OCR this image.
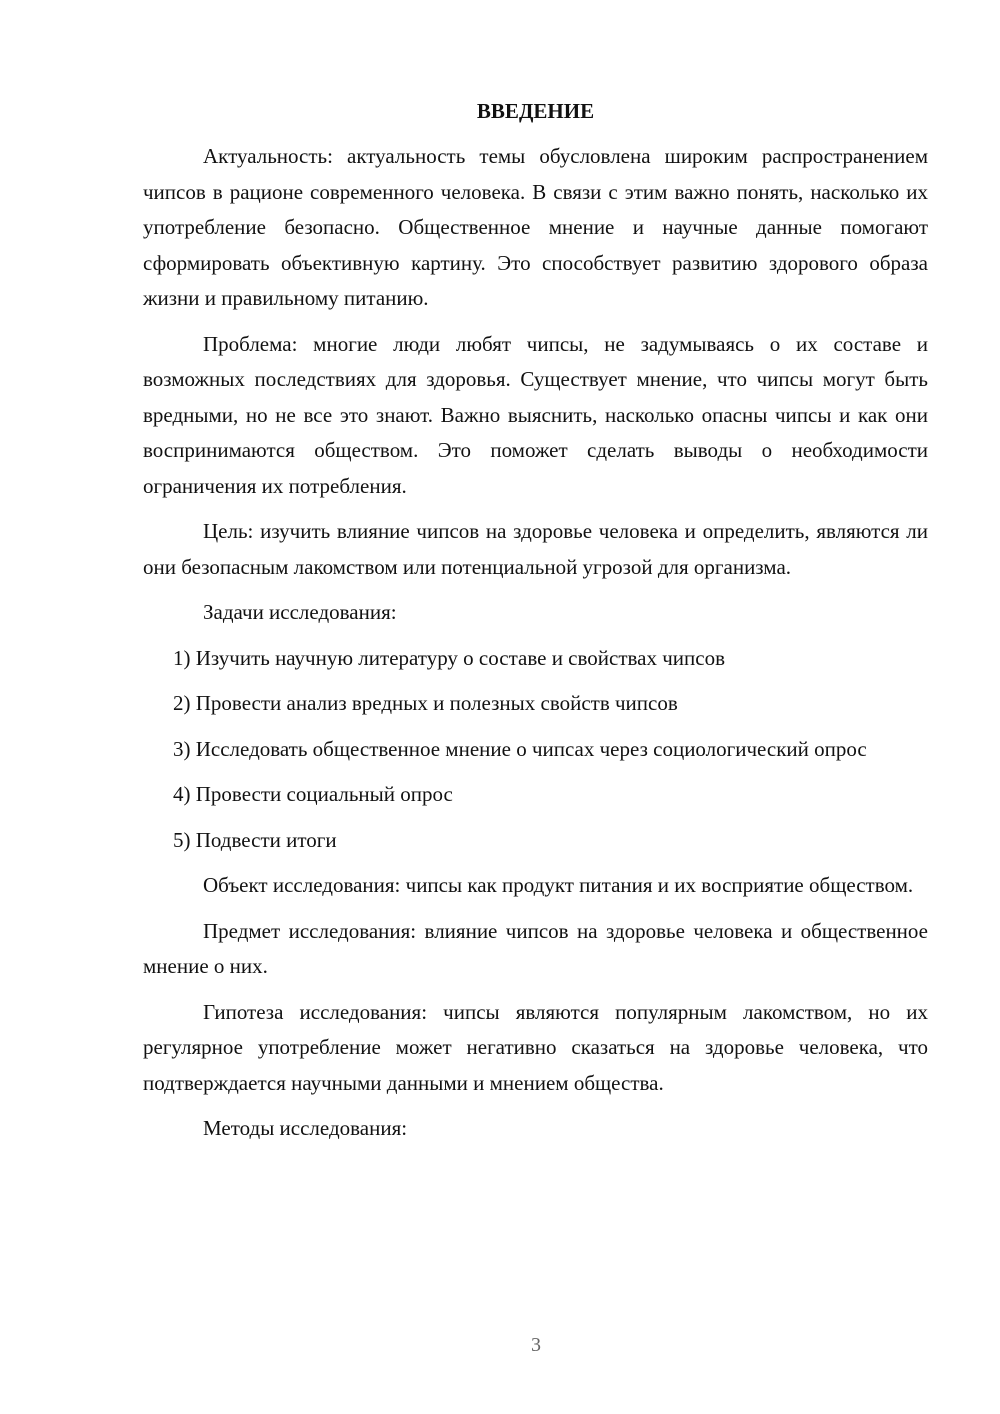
ВВЕДЕНИЕ

Актуальность: актуальность темы обусловлена широким распространением чипсов в рационе современного человека. В связи с этим важно понять, насколько их употребление безопасно. Общественное мнение и научные данные помогают сформировать объективную картину. Это способствует развитию здорового образа жизни и правильному питанию.

Проблема: многие люди любят чипсы, не задумываясь о их составе и возможных последствиях для здоровья. Существует мнение, что чипсы могут быть вредными, но не все это знают. Важно выяснить, насколько опасны чипсы и как они воспринимаются обществом. Это поможет сделать выводы о необходимости ограничения их потребления.

Цель: изучить влияние чипсов на здоровье человека и определить, являются ли они безопасным лакомством или потенциальной угрозой для организма.

Задачи исследования:

1) Изучить научную литературу о составе и свойствах чипсов

2) Провести анализ вредных и полезных свойств чипсов

3) Исследовать общественное мнение о чипсах через социологический опрос

4) Провести социальный опрос

5) Подвести итоги

Объект исследования: чипсы как продукт питания и их восприятие обществом.

Предмет исследования: влияние чипсов на здоровье человека и общественное мнение о них.

Гипотеза исследования: чипсы являются популярным лакомством, но их регулярное употребление может негативно сказаться на здоровье человека, что подтверждается научными данными и мнением общества.

Методы исследования:

3
